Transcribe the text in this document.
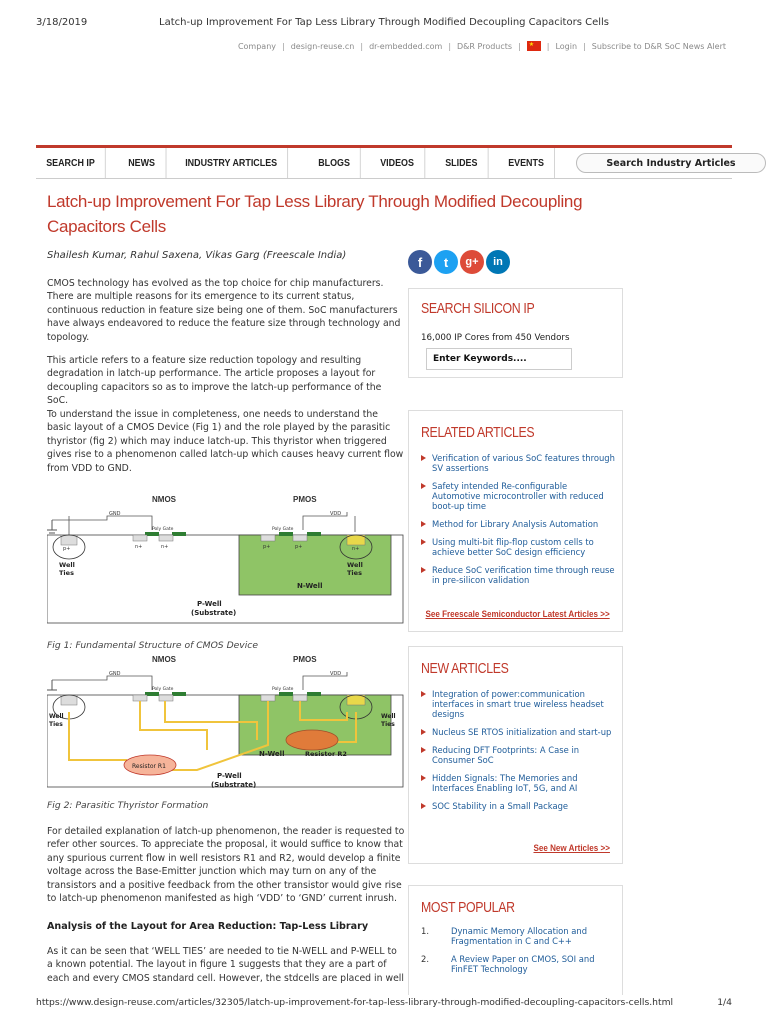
3/18/2019	Latch-up Improvement For Tap Less Library Through Modified Decoupling Capacitors Cells
Company | design-reuse.cn | dr-embedded.com | D&R Products |
★	| Login | Subscribe to D&R SoC News Alert
SEARCH IP	NEWS	INDUSTRY ARTICLES	BLOGS	VIDEOS	SLIDES	EVENTS	Search Industry Articles
Latch-up Improvement For Tap Less Library Through Modified Decoupling Capacitors Cells
Shailesh Kumar, Rahul Saxena, Vikas Garg (Freescale India)

CMOS technology has evolved as the top choice for chip manufacturers. There are multiple reasons for its emergence to its current status, continuous reduction in feature size being one of them. SoC manufacturers have always endeavored to reduce the feature size through technology and topology.

This article refers to a feature size reduction topology and resulting degradation in latch-up performance. The article proposes a layout for decoupling capacitors so as to improve the latch-up performance of the SoC.

To understand the issue in completeness, one needs to understand the basic layout of a CMOS Device (Fig 1) and the role played by the parasitic thyristor (fig 2) which may induce latch-up. This thyristor when triggered gives rise to a phenomenon called latch-up which causes heavy current flow from VDD to GND.

NMOS	PMOS
GND	VDD
Poly Gate	Poly Gate
p+	n+	n+	p+	p+	n+
Well
Ties
Well
Ties
N-Well
P-Well
(Substrate)
Fig 1: Fundamental Structure of CMOS Device
NMOS	PMOS
GND	VDD
Poly Gate	Poly Gate
Resistor R1
Resistor R2
N-Well
Well
Ties
Well
Ties
P-Well
(Substrate)
Fig 2: Parasitic Thyristor Formation

For detailed explanation of latch-up phenomenon, the reader is requested to refer other sources. To appreciate the proposal, it would suffice to know that any spurious current flow in well resistors R1 and R2, would develop a finite voltage across the Base-Emitter junction which may turn on any of the transistors and a positive feedback from the other transistor would give rise to latch-up phenomenon manifested as high ‘VDD’ to ‘GND’ current inrush.

Analysis of the Layout for Area Reduction: Tap-Less Library

As it can be seen that ‘WELL TIES’ are needed to tie N-WELL and P-WELL to a known potential. The layout in figure 1 suggests that they are a part of each and every CMOS standard cell. However, the stdcells are placed in well

f	t	g+	in
SEARCH SILICON IP
16,000 IP Cores from 450 Vendors
Enter Keywords....
RELATED ARTICLES
Verification of various SoC features through SV assertions
Safety intended Re-configurable Automotive microcontroller with reduced boot-up time
Method for Library Analysis Automation
Using multi-bit flip-flop custom cells to achieve better SoC design efficiency
Reduce SoC verification time through reuse in pre-silicon validation
See Freescale Semiconductor Latest Articles >>
NEW ARTICLES
Integration of power:communication interfaces in smart true wireless headset designs
Nucleus SE RTOS initialization and start-up
Reducing DFT Footprints: A Case in Consumer SoC
Hidden Signals: The Memories and Interfaces Enabling IoT, 5G, and AI
SOC Stability in a Small Package
See New Articles >>
MOST POPULAR
1.	Dynamic Memory Allocation and Fragmentation in C and C++
2.	A Review Paper on CMOS, SOI and FinFET Technology
https://www.design-reuse.com/articles/32305/latch-up-improvement-for-tap-less-library-through-modified-decoupling-capacitors-cells.html	1/4
